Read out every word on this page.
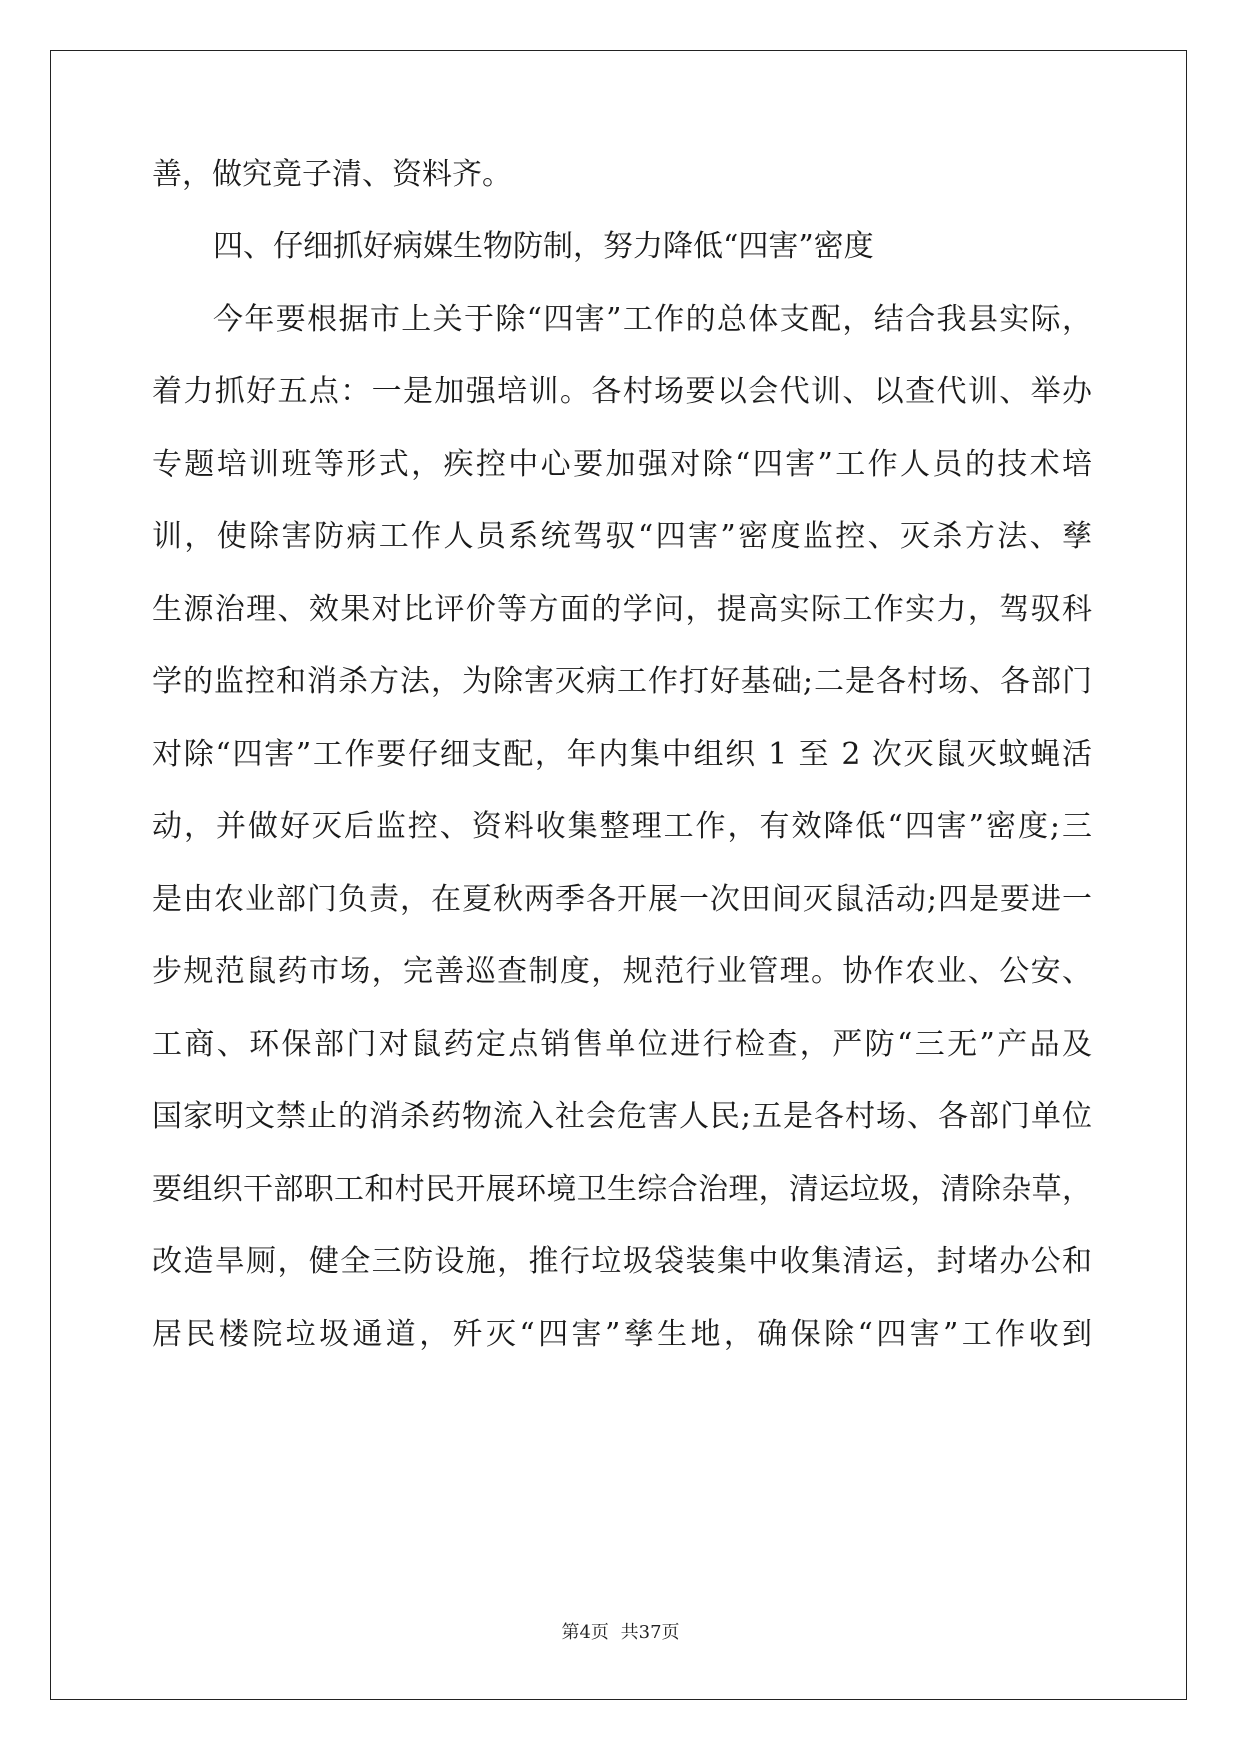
善，做究竟子清、资料齐。
四、仔细抓好病媒生物防制，努力降低“四害”密度
今年要根据市上关于除“四害”工作的总体支配，结合我县实际，
着力抓好五点：一是加强培训。各村场要以会代训、以查代训、举办
专题培训班等形式，疾控中心要加强对除“四害”工作人员的技术培
训，使除害防病工作人员系统驾驭“四害”密度监控、灭杀方法、孳
生源治理、效果对比评价等方面的学问，提高实际工作实力，驾驭科
学的监控和消杀方法，为除害灭病工作打好基础;二是各村场、各部门
对除“四害”工作要仔细支配，年内集中组织 1 至 2 次灭鼠灭蚊蝇活
动，并做好灭后监控、资料收集整理工作，有效降低“四害”密度;三
是由农业部门负责，在夏秋两季各开展一次田间灭鼠活动;四是要进一
步规范鼠药市场，完善巡查制度，规范行业管理。协作农业、公安、
工商、环保部门对鼠药定点销售单位进行检查，严防“三无”产品及
国家明文禁止的消杀药物流入社会危害人民;五是各村场、各部门单位
要组织干部职工和村民开展环境卫生综合治理，清运垃圾，清除杂草，
改造旱厕，健全三防设施，推行垃圾袋装集中收集清运，封堵办公和
居民楼院垃圾通道，歼灭“四害”孳生地，确保除“四害”工作收到
第4页 共37页
